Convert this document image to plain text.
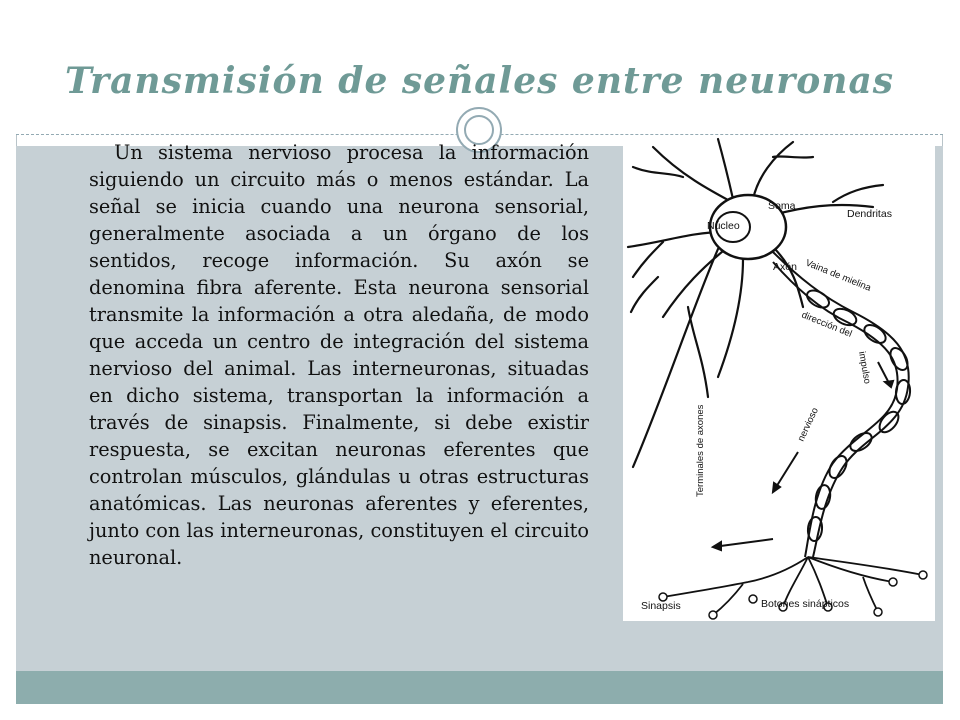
Transmisión de señales entre neuronas

Un sistema nervioso procesa la información siguiendo un circuito más o menos estándar. La señal se inicia cuando una neurona sensorial, generalmente asociada a un órgano de los sentidos, recoge información. Su axón se denomina fibra aferente. Esta neurona sensorial transmite la información a otra aledaña, de modo que acceda un centro de integración del sistema nervioso del animal. Las interneuronas, situadas en dicho sistema, transportan la información a través de sinapsis. Finalmente, si debe existir respuesta, se excitan neuronas eferentes que controlan músculos, glándulas u otras estructuras anatómicas. Las neuronas aferentes y eferentes, junto con las interneuronas, constituyen el circuito neuronal.

Núcleo
Soma
Dendritas
Axón Vaina de mielina
dirección del
impulso
nervioso
Terminales de axones
Sinapsis	Botones sinápticos
